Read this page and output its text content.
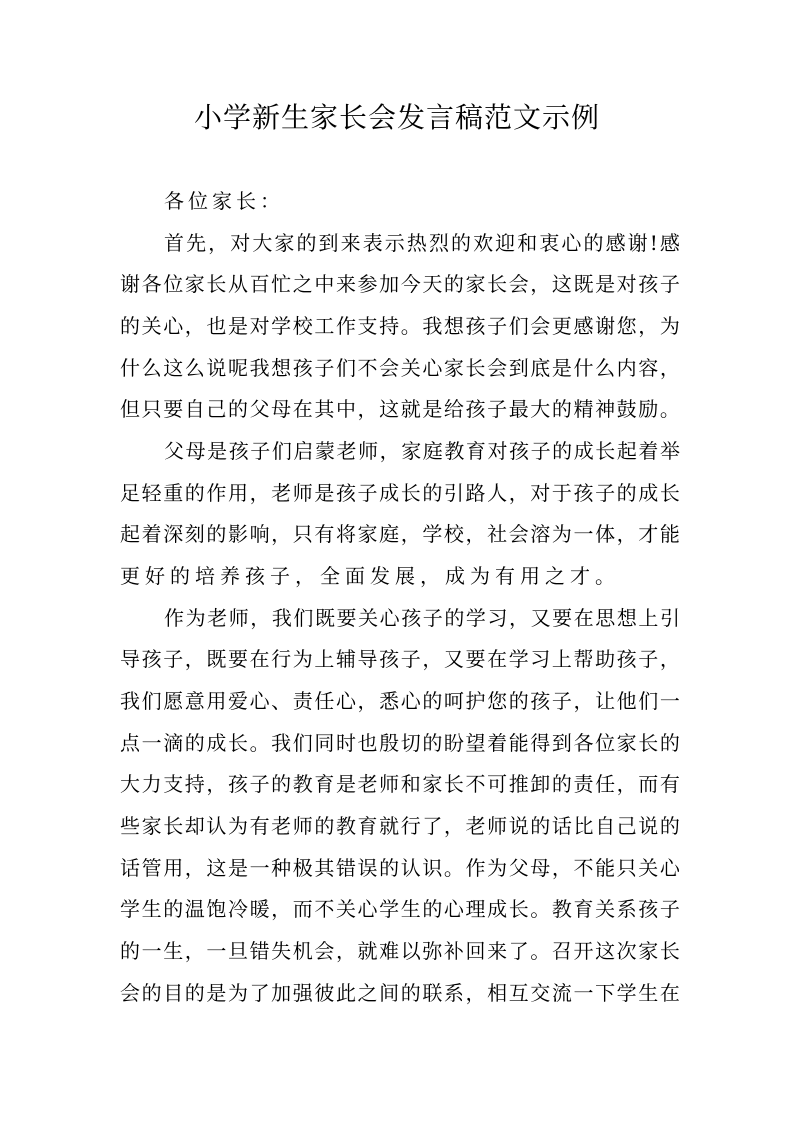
小学新生家长会发言稿范文示例
各位家长：
首 先 ， 对 大 家 的 到 来 表 示 热 烈 的 欢 迎 和 衷 心 的 感 谢 ! 感
谢 各 位 家 长 从 百 忙 之 中 来 参 加 今 天 的 家 长 会 ， 这 既 是 对 孩 子
的 关 心 ， 也 是 对 学 校 工 作 支 持 。 我 想 孩 子 们 会 更 感 谢 您 ， 为
什 么 这 么 说 呢 我 想 孩 子 们 不 会 关 心 家 长 会 到 底 是 什 么 内 容 ，
但 只 要 自 己 的 父 母 在 其 中 ， 这 就 是 给 孩 子 最 大 的 精 神 鼓 励 。
父 母 是 孩 子 们 启 蒙 老 师 ， 家 庭 教 育 对 孩 子 的 成 长 起 着 举
足 轻 重 的 作 用 ， 老 师 是 孩 子 成 长 的 引 路 人 ， 对 于 孩 子 的 成 长
起 着 深 刻 的 影 响 ， 只 有 将 家 庭 ， 学 校 ， 社 会 溶 为 一 体 ， 才 能
更好的培养孩子，全面发展，成为有用之才。
作 为 老 师 ， 我 们 既 要 关 心 孩 子 的 学 习 ， 又 要 在 思 想 上 引
导 孩 子 ， 既 要 在 行 为 上 辅 导 孩 子 ， 又 要 在 学 习 上 帮 助 孩 子 ，
我 们 愿 意 用 爱 心 、 责 任 心 ， 悉 心 的 呵 护 您 的 孩 子 ， 让 他 们 一
点 一 滴 的 成 长 。 我 们 同 时 也 殷 切 的 盼 望 着 能 得 到 各 位 家 长 的
大 力 支 持 ， 孩 子 的 教 育 是 老 师 和 家 长 不 可 推 卸 的 责 任 ， 而 有
些 家 长 却 认 为 有 老 师 的 教 育 就 行 了 ， 老 师 说 的 话 比 自 己 说 的
话 管 用 ， 这 是 一 种 极 其 错 误 的 认 识 。 作 为 父 母 ， 不 能 只 关 心
学 生 的 温 饱 冷 暖 ， 而 不 关 心 学 生 的 心 理 成 长 。 教 育 关 系 孩 子
的 一 生 ， 一 旦 错 失 机 会 ， 就 难 以 弥 补 回 来 了 。 召 开 这 次 家 长
会 的 目 的 是 为 了 加 强 彼 此 之 间 的 联 系 ， 相 互 交 流 一 下 学 生 在
